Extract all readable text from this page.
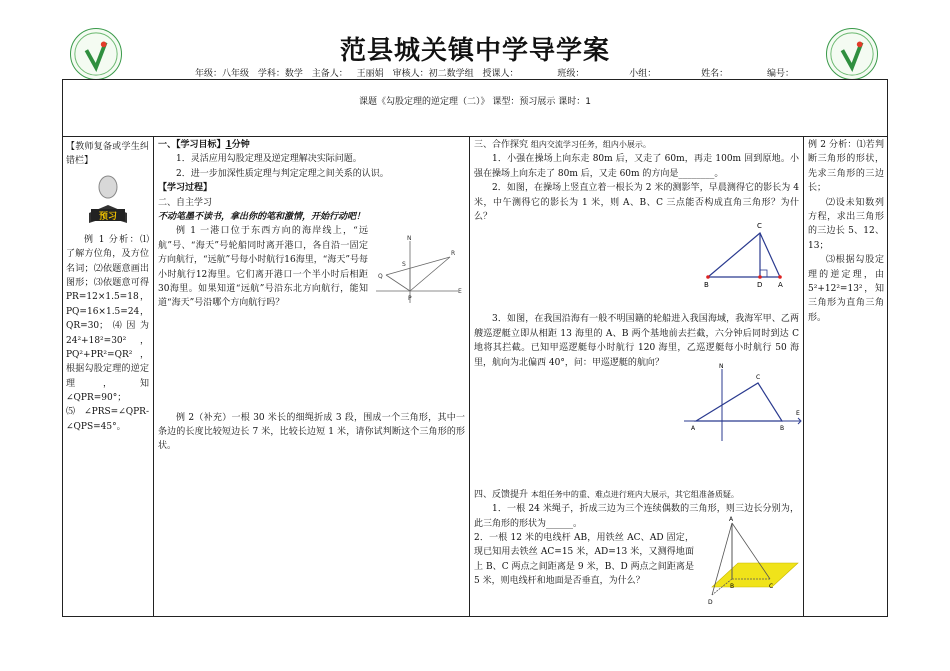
范县城关镇中学导学案
年级：八年级 学科：数学 主备人： 王丽娟 审核人：初二数学组 授课人：	班级：	小组：	姓名：	编号：
课题《勾股定理的逆定理（二）》 课型：预习展示 课时：1
【教师复备或学生纠错栏】
预习
例 1 分析：⑴了解方位角，及方位名词；⑵依题意画出图形；⑶依题意可得PR=12×1.5=18，PQ=16×1.5=24，QR=30；⑷因为24²+18²=30²，PQ²+PR²=QR²，根据勾股定理的逆定理，知∠QPR=90°；⑸∠PRS=∠QPR-∠QPS=45°。
一、【学习目标】1分钟
1．灵活应用勾股定理及逆定理解决实际问题。
2．进一步加深性质定理与判定定理之间关系的认识。
【学习过程】
二、自主学习
不动笔墨不读书，拿出你的笔和激情，开始行动吧！
例 1 一港口位于东西方向的海岸线上，“远航”号、“海天”号轮船同时离开港口，各自沿一固定方向航行，“远航”号每小时航行16海里，“海天”号每小时航行12海里。它们离开港口一个半小时后相距30海里。如果知道“远航”号沿东北方向航行，能知道“海天”号沿哪个方向航行吗？
例 2（补充）一根 30 米长的细绳折成 3 段，围成一个三角形，其中一条边的长度比较短边长 7 米，比较长边短 1 米，请你试判断这个三角形的形状。
N
S
R
Q
P
E
三、合作探究 组内交流学习任务，组内小展示。
1．小强在操场上向东走 80m 后，又走了 60m，再走 100m 回到原地。小强在操场上向东走了 80m 后，又走 60m 的方向是________。
2．如图，在操场上竖直立着一根长为 2 米的测影竿，早晨测得它的影长为 4 米，中午测得它的影长为 1 米，则 A、B、C 三点能否构成直角三角形？为什么？
3．如图，在我国沿海有一般不明国籍的轮船进入我国海域，我海军甲、乙两艘巡逻艇立即从相距 13 海里的 A、B 两个基地前去拦截，六分钟后同时到达 C 地将其拦截。已知甲巡逻艇每小时航行 120 海里，乙巡逻艇每小时航行 50 海里，航向为北偏西 40°，问：甲巡逻艇的航向？
四、反馈提升 本组任务中的重、难点进行班内大展示，其它组准备质疑。
1．一根 24 米绳子，折成三边为三个连续偶数的三角形，则三边长分别为，此三角形的形状为______。
2．一根 12 米的电线杆 AB，用铁丝 AC、AD 固定，现已知用去铁丝 AC=15 米，AD=13 米，又测得地面上 B、C 两点之间距离是 9 米，B、D 两点之间距离是 5 米，则电线杆和地面是否垂直，为什么？
C
B	D A
N
C
A	B
E
A
B	C
D
例 2 分析：⑴若判断三角形的形状，先求三角形的三边长；
⑵设未知数列方程，求出三角形的三边长 5、12、13；
⑶根据勾股定理的逆定理，由 5²+12²=13²，知三角形为直角三角形。
